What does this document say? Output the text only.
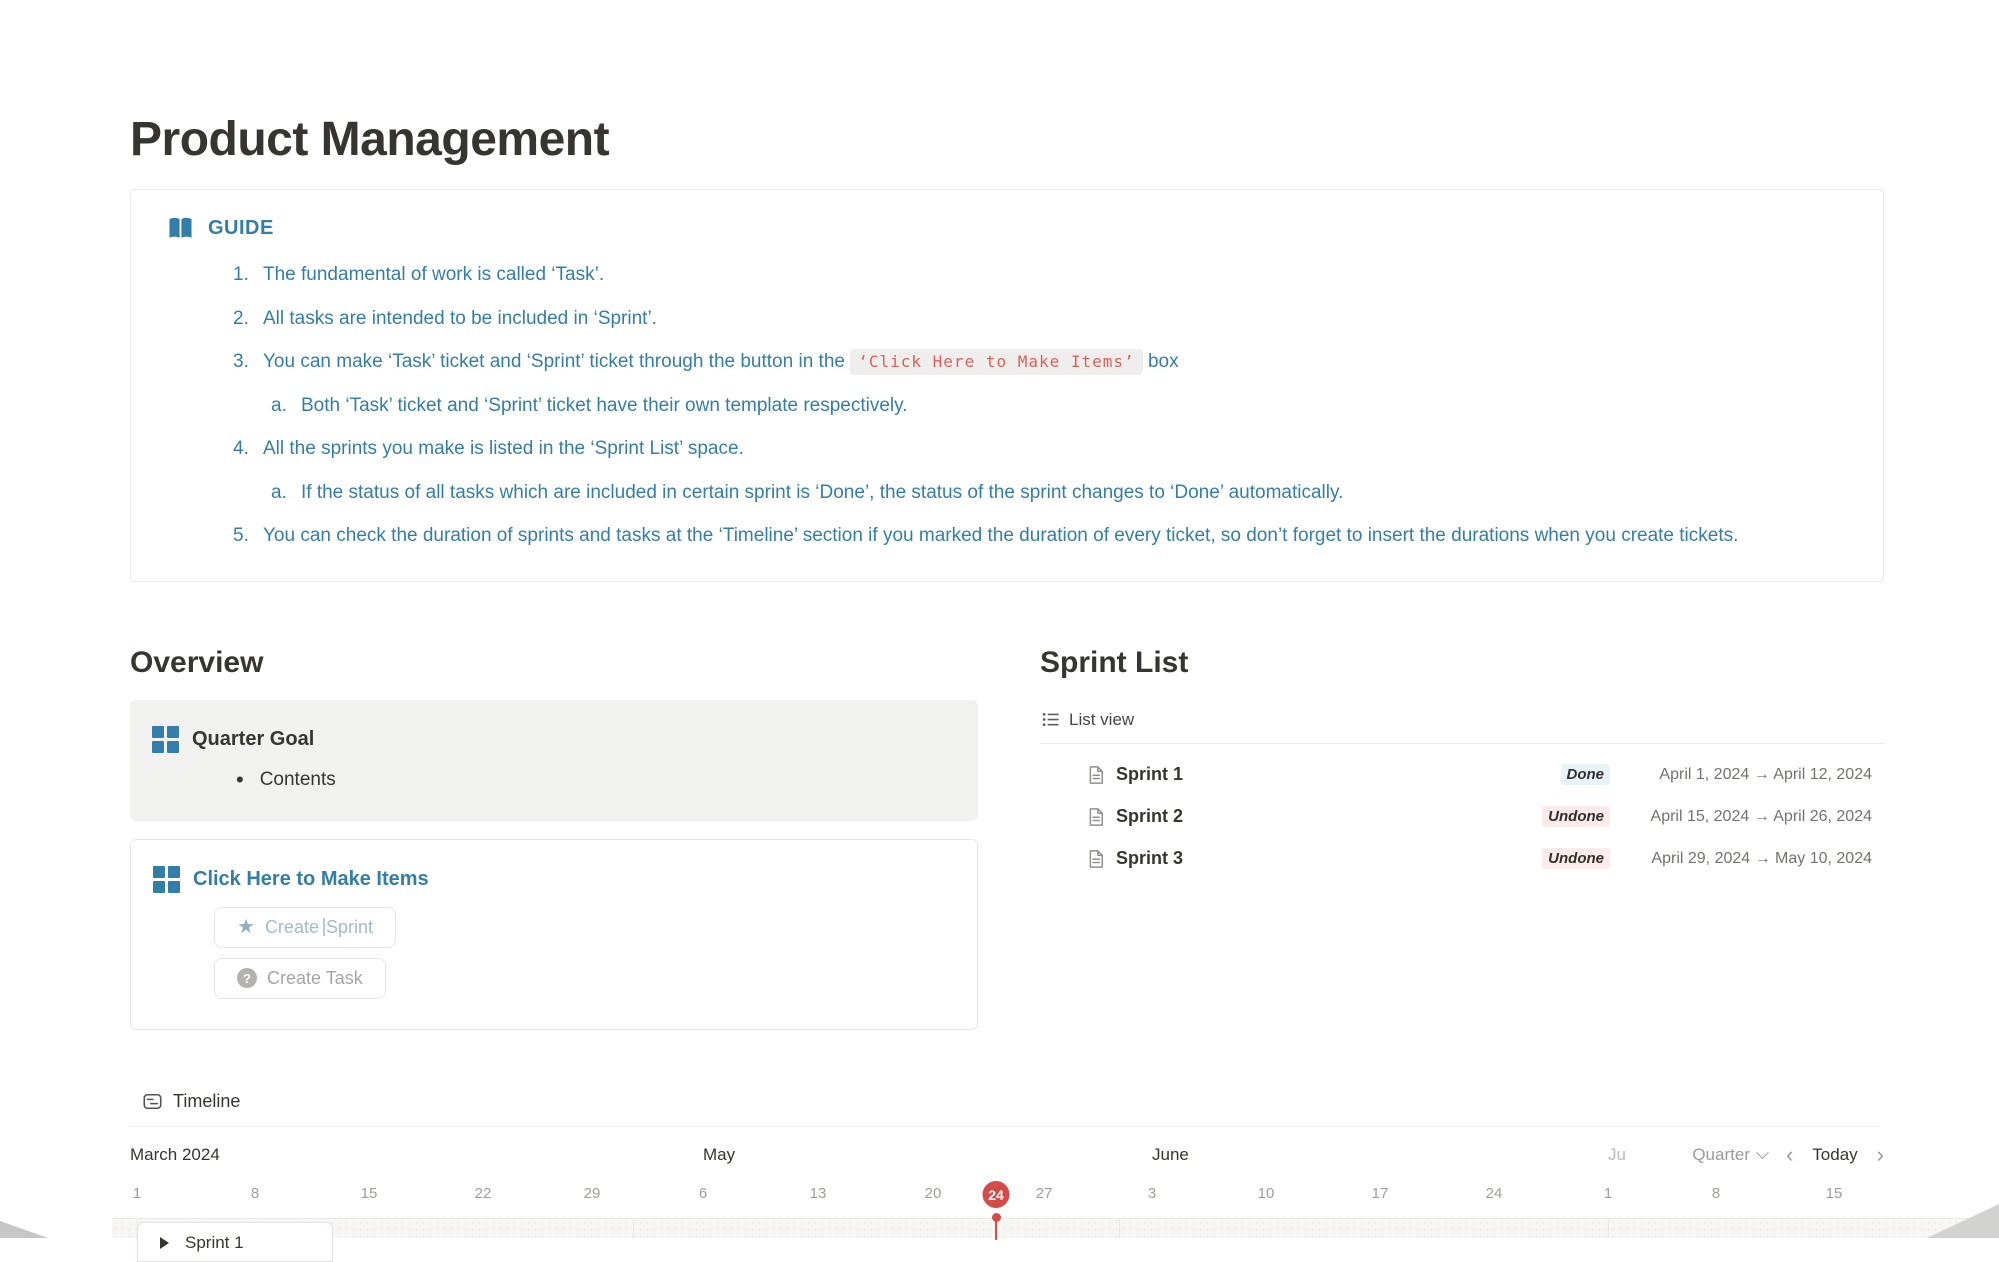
Product Management
GUIDE
1. The fundamental of work is called ‘Task’.
2. All tasks are intended to be included in ‘Sprint’.
3. You can make ‘Task’ ticket and ‘Sprint’ ticket through the button in the ‘Click Here to Make Items’ box
a. Both ‘Task’ ticket and ‘Sprint’ ticket have their own template respectively.
4. All the sprints you make is listed in the ‘Sprint List’ space.
a. If the status of all tasks which are included in certain sprint is ‘Done’, the status of the sprint changes to ‘Done’ automatically.
5. You can check the duration of sprints and tasks at the ‘Timeline’ section if you marked the duration of every ticket, so don’t forget to insert the durations when you create tickets.
Overview
Quarter Goal
• Contents
Click Here to Make Items
★ Create Sprint
? Create Task
Sprint List
List view
Sprint 1	Done	April 1, 2024 → April 12, 2024
Sprint 2	Undone	April 15, 2024 → April 26, 2024
Sprint 3	Undone	April 29, 2024 → May 10, 2024
Timeline
March 2024	May	June	Ju	Quarter ‹ Today ›
1	8	15	22	29	6	13	20	24	27	3	10	17	24	1	8	15
Sprint 1
